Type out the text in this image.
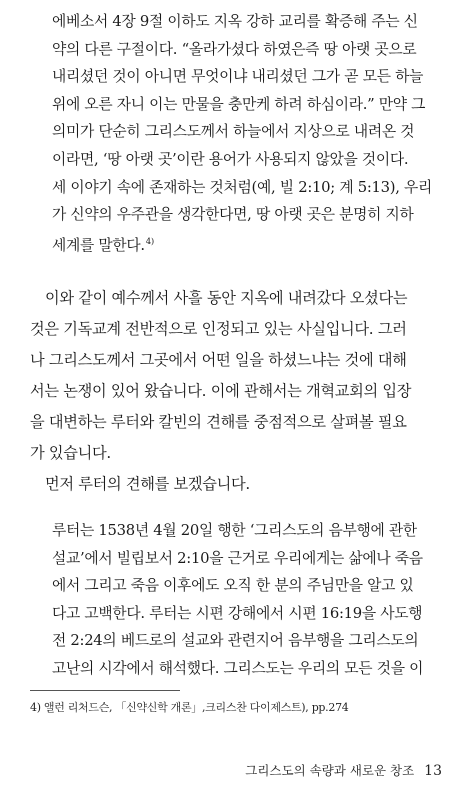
에베소서 4장 9절 이하도 지옥 강하 교리를 확증해 주는 신
약의 다른 구절이다. “올라가셨다 하였은즉 땅 아랫 곳으로
내리셨던 것이 아니면 무엇이냐 내리셨던 그가 곧 모든 하늘
위에 오른 자니 이는 만물을 충만케 하려 하심이라.” 만약 그
의미가 단순히 그리스도께서 하늘에서 지상으로 내려온 것
이라면, ‘땅 아랫 곳’이란 용어가 사용되지 않았을 것이다.
세 이야기 속에 존재하는 것처럼(예, 빌 2:10; 계 5:13), 우리
가 신약의 우주관을 생각한다면, 땅 아랫 곳은 분명히 지하
세계를 말한다.$^{4)}$
이와 같이 예수께서 사흘 동안 지옥에 내려갔다 오셨다는
것은 기독교계 전반적으로 인정되고 있는 사실입니다. 그러
나 그리스도께서 그곳에서 어떤 일을 하셨느냐는 것에 대해
서는 논쟁이 있어 왔습니다. 이에 관해서는 개혁교회의 입장
을 대변하는 루터와 칼빈의 견해를 중점적으로 살펴볼 필요
가 있습니다.
먼저 루터의 견해를 보겠습니다.
루터는 1538년 4월 20일 행한 ‘그리스도의 음부행에 관한
설교’에서 빌립보서 2:10을 근거로 우리에게는 삶에나 죽음
에서 그리고 죽음 이후에도 오직 한 분의 주님만을 알고 있
다고 고백한다. 루터는 시편 강해에서 시편 16:19을 사도행
전 2:24의 베드로의 설교와 관련지어 음부행을 그리스도의
고난의 시각에서 해석했다. 그리스도는 우리의 모든 것을 이
4) 앨런 리처드슨, 「신약신학 개론」,크리스찬 다이제스트), pp.274
그리스도의 속량과 새로운 창조 13
